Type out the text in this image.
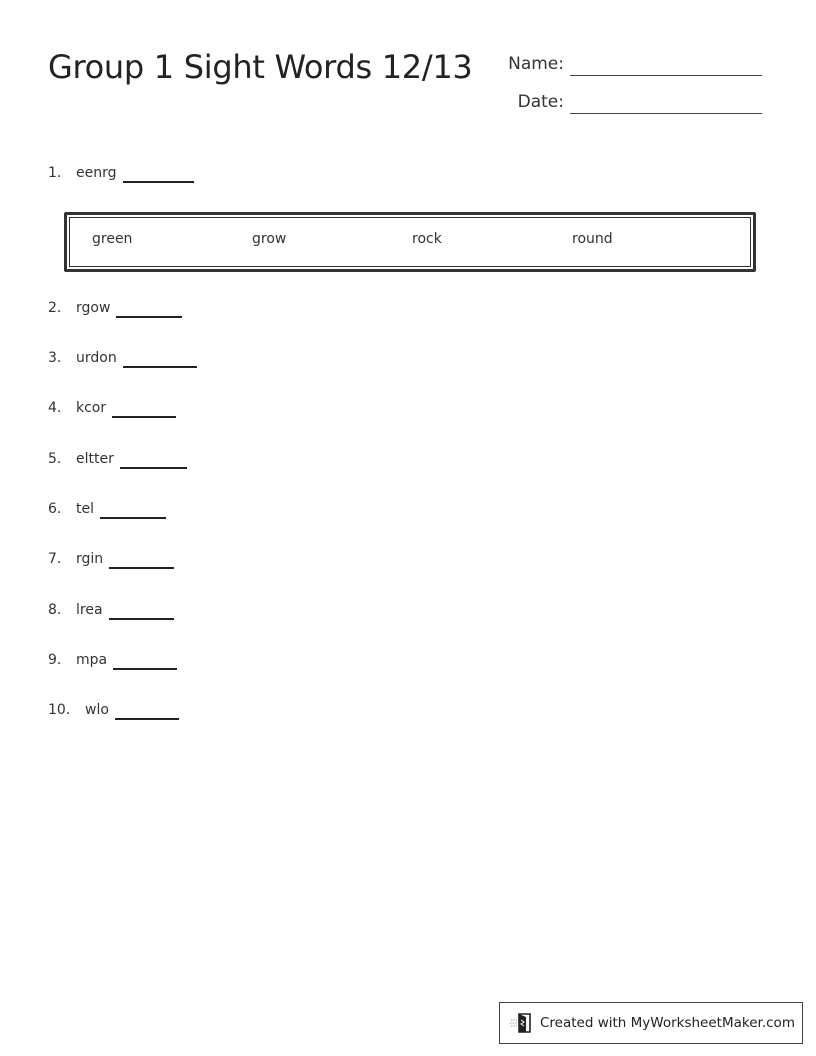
Group 1 Sight Words 12/13	Name:
Date:
1.	eenrg
green	grow	rock	round
2.	rgow
3.	urdon
4.	kcor
5.	eltter
6.	tel
7.	rgin
8.	lrea
9.	mpa
10.	wlo
Created with MyWorksheetMaker.com
